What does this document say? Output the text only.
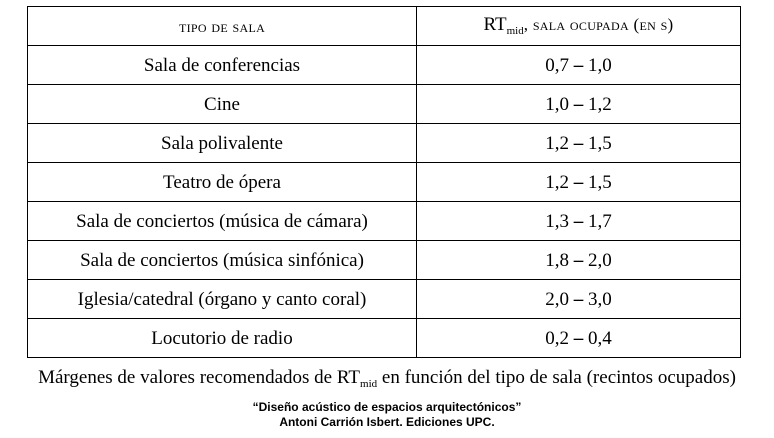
tipo de sala	$RT_{mid}$, sala ocupada (en s)
Sala de conferencias	0,7 – 1,0
Cine	1,0 – 1,2
Sala polivalente	1,2 – 1,5
Teatro de ópera	1,2 – 1,5
Sala de conciertos (música de cámara)	1,3 – 1,7
Sala de conciertos (música sinfónica)	1,8 – 2,0
Iglesia/catedral (órgano y canto coral)	2,0 – 3,0
Locutorio de radio	0,2 – 0,4
Márgenes de valores recomendados de $RT_{mid}$ en función del tipo de sala (recintos ocupados)
“Diseño acústico de espacios arquitectónicos”
Antoni Carrión Isbert. Ediciones UPC.
